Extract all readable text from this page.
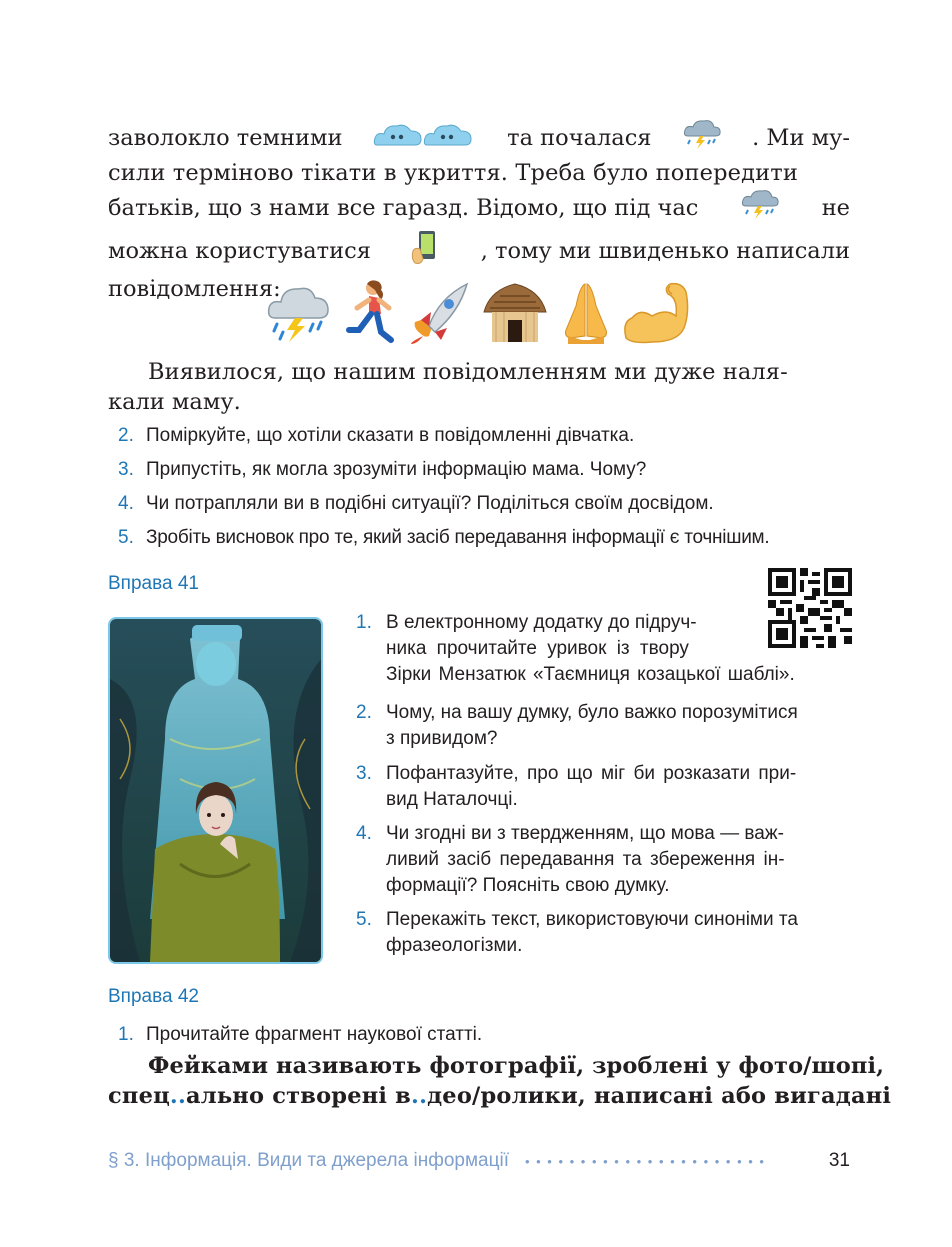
заволокло темними	та почалася	. Ми му-
сили терміново тікати в укриття. Треба було попередити
батьків, що з нами все гаразд. Відомо, що під час	не
можна користуватися	, тому ми швиденько написали
повідомлення:
Виявилося, що нашим повідомленням ми дуже наля-
кали маму.
2. Поміркуйте, що хотіли сказати в повідомленні дівчатка.
3. Припустіть, як могла зрозуміти інформацію мама. Чому?
4. Чи потрапляли ви в подібні ситуації? Поділіться своїм досвідом.
5. Зробіть висновок про те, який засіб передавання інформації є точнішим.
Вправа 41
1. В електронному додатку до підруч-
ника прочитайте уривок із твору
Зірки Мензатюк «Таємниця козацької шаблі».
2. Чому, на вашу думку, було важко порозумітися
з привидом?
3. Пофантазуйте, про що міг би розказати при-
вид Наталочці.
4. Чи згодні ви з твердженням, що мова — важ-
ливий засіб передавання та збереження ін-
формації? Поясніть свою думку.
5. Перекажіть текст, використовуючи синоніми та
фразеологізми.
Вправа 42
1. Прочитайте фрагмент наукової статті.
Фейками називають фотографії, зроблені у фото/шопі,
спец..ально створені в..део/ролики, написані або вигадані
§ 3. Інформація. Види та джерела інформації • • • • • • • • • • • • • • • • • • • • • •	31
